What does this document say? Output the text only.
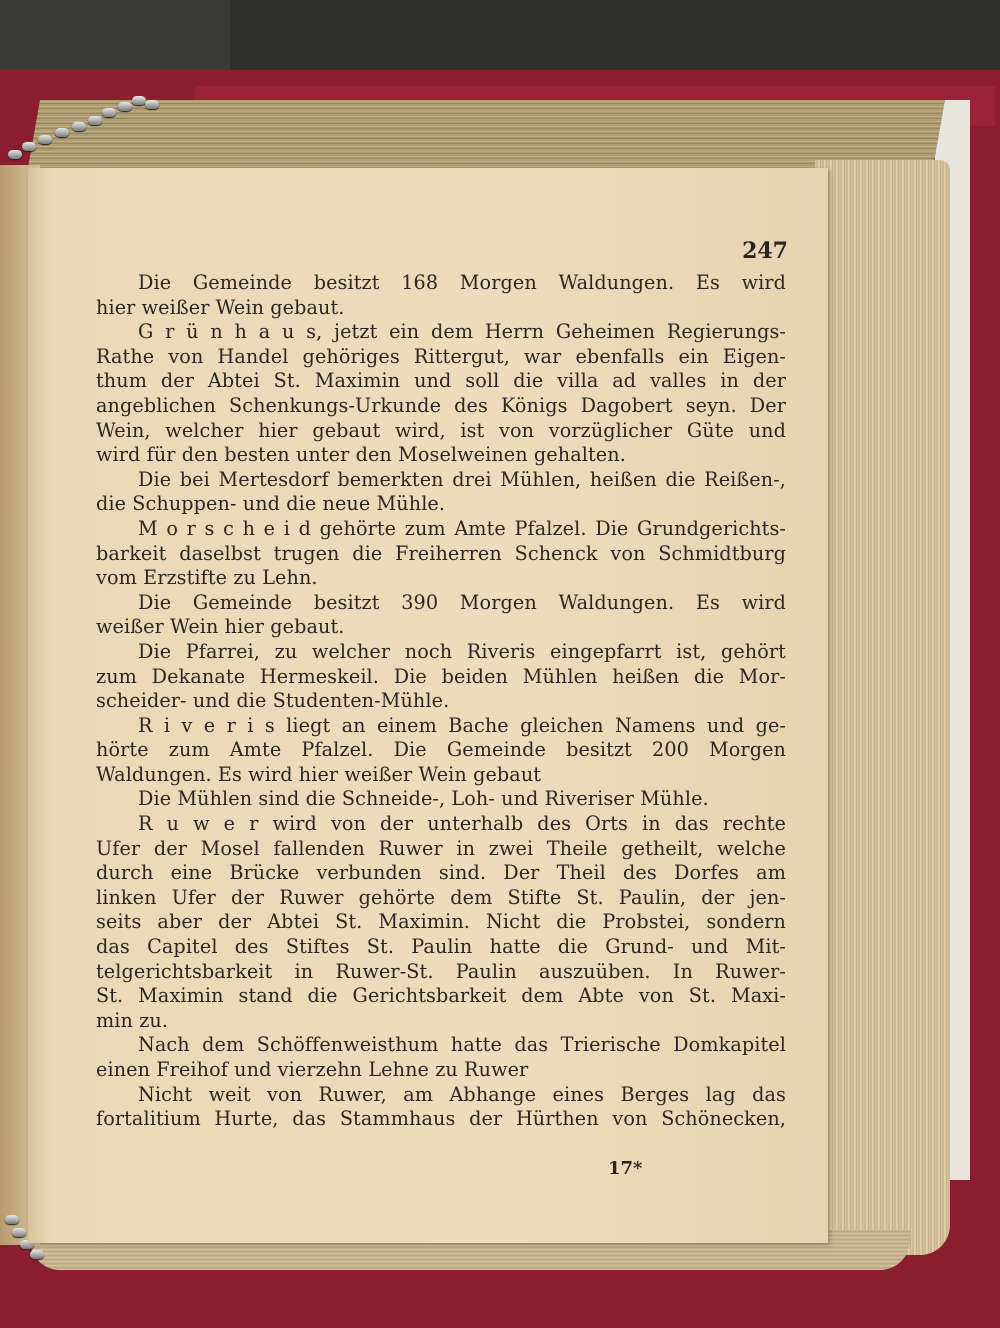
247

Die Gemeinde besitzt 168 Morgen Waldungen. Es wird

hier weißer Wein gebaut.

G r ü n h a u s, jetzt ein dem Herrn Geheimen Regierungs-

Rathe von Handel gehöriges Rittergut, war ebenfalls ein Eigen-

thum der Abtei St. Maximin und soll die villa ad valles in der

angeblichen Schenkungs-Urkunde des Königs Dagobert seyn. Der

Wein, welcher hier gebaut wird, ist von vorzüglicher Güte und

wird für den besten unter den Moselweinen gehalten.

Die bei Mertesdorf bemerkten drei Mühlen, heißen die Reißen-,

die Schuppen- und die neue Mühle.

M o r s c h e i d gehörte zum Amte Pfalzel. Die Grundgerichts-

barkeit daselbst trugen die Freiherren Schenck von Schmidtburg

vom Erzstifte zu Lehn.

Die Gemeinde besitzt 390 Morgen Waldungen. Es wird

weißer Wein hier gebaut.

Die Pfarrei, zu welcher noch Riveris eingepfarrt ist, gehört

zum Dekanate Hermeskeil. Die beiden Mühlen heißen die Mor-

scheider- und die Studenten-Mühle.

R i v e r i s liegt an einem Bache gleichen Namens und ge-

hörte zum Amte Pfalzel. Die Gemeinde besitzt 200 Morgen

Waldungen. Es wird hier weißer Wein gebaut

Die Mühlen sind die Schneide-, Loh- und Riveriser Mühle.

R u w e r wird von der unterhalb des Orts in das rechte

Ufer der Mosel fallenden Ruwer in zwei Theile getheilt, welche

durch eine Brücke verbunden sind. Der Theil des Dorfes am

linken Ufer der Ruwer gehörte dem Stifte St. Paulin, der jen-

seits aber der Abtei St. Maximin. Nicht die Probstei, sondern

das Capitel des Stiftes St. Paulin hatte die Grund- und Mit-

telgerichtsbarkeit in Ruwer-St. Paulin auszuüben. In Ruwer-

St. Maximin stand die Gerichtsbarkeit dem Abte von St. Maxi-

min zu.

Nach dem Schöffenweisthum hatte das Trierische Domkapitel

einen Freihof und vierzehn Lehne zu Ruwer

Nicht weit von Ruwer, am Abhange eines Berges lag das

fortalitium Hurte, das Stammhaus der Hürthen von Schönecken,

17*
